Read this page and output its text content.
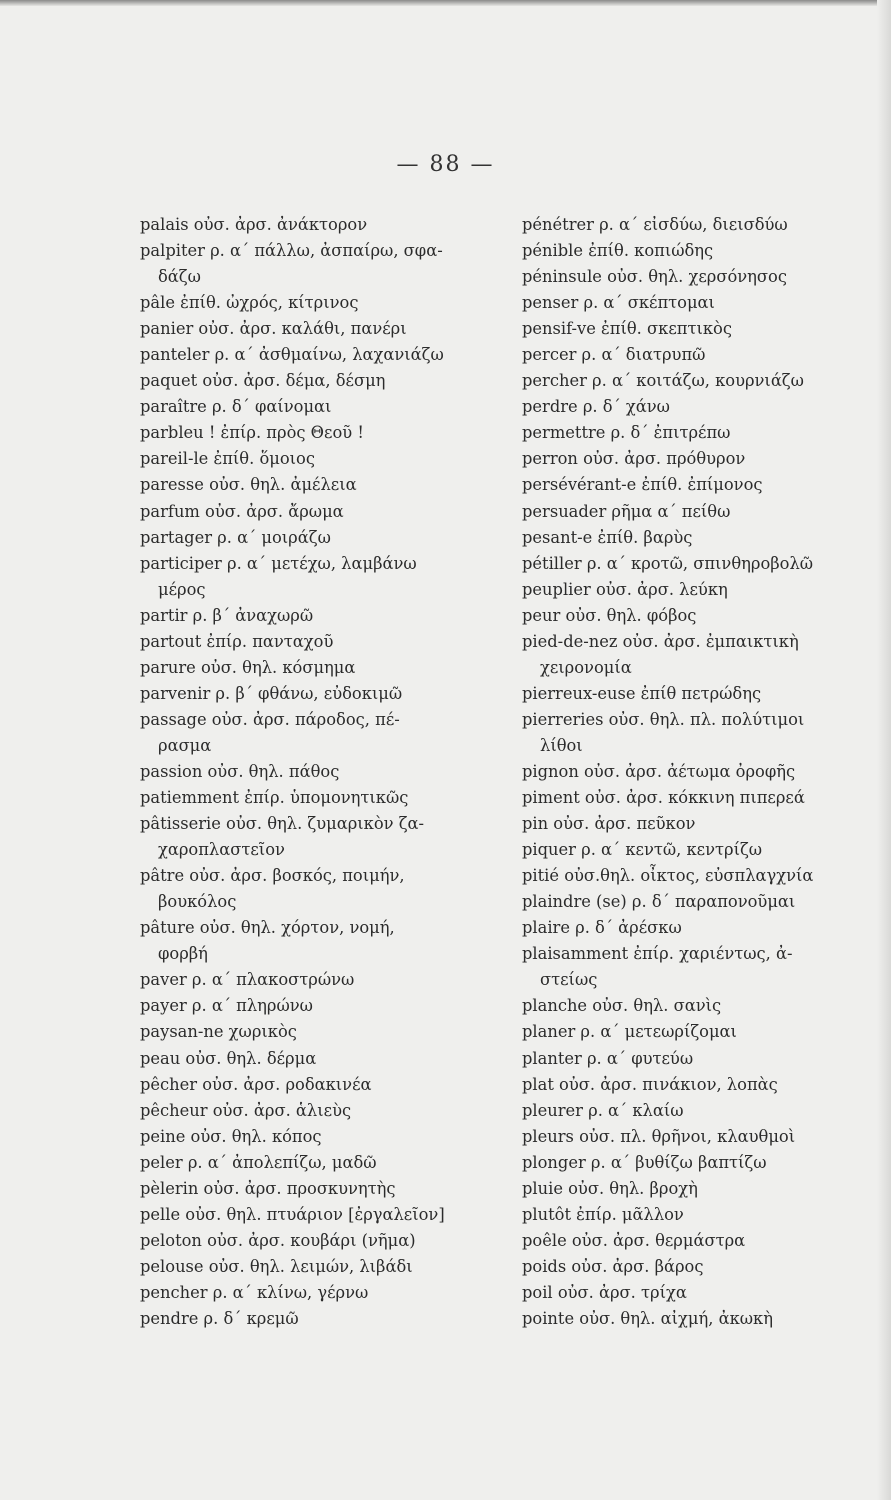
— 88 —
palais οὐσ. ἀρσ. ἀνάκτορον
palpiter ρ. α΄ πάλλω, ἀσπαίρω, σφα-
δάζω
pâle ἐπίθ. ὠχρός, κίτρινος
panier οὐσ. ἀρσ. καλάθι, πανέρι
panteler ρ. α΄ ἀσθμαίνω, λαχανιάζω
paquet οὐσ. ἀρσ. δέμα, δέσμη
paraître ρ. δ΄ φαίνομαι
parbleu ! ἐπίρ. πρὸς Θεοῦ !
pareil-le ἐπίθ. ὅμοιος
paresse οὐσ. θηλ. ἀμέλεια
parfum οὐσ. ἀρσ. ἄρωμα
partager ρ. α΄ μοιράζω
participer ρ. α΄ μετέχω, λαμβάνω
μέρος
partir ρ. β΄ ἀναχωρῶ
partout ἐπίρ. πανταχοῦ
parure οὐσ. θηλ. κόσμημα
parvenir ρ. β΄ φθάνω, εὐδοκιμῶ
passage οὐσ. ἀρσ. πάροδος, πέ-
ρασμα
passion οὐσ. θηλ. πάθος
patiemment ἐπίρ. ὑπομονητικῶς
pâtisserie οὐσ. θηλ. ζυμαρικὸν ζα-
χαροπλαστεῖον
pâtre οὐσ. ἀρσ. βοσκός, ποιμήν,
βουκόλος
pâture οὐσ. θηλ. χόρτον, νομή,
φορβή
paver ρ. α΄ πλακοστρώνω
payer ρ. α΄ πληρώνω
paysan-ne χωρικὸς
peau οὐσ. θηλ. δέρμα
pêcher οὐσ. ἀρσ. ροδακινέα
pêcheur οὐσ. ἀρσ. ἁλιεὺς
peine οὐσ. θηλ. κόπος
peler ρ. α΄ ἀπολεπίζω, μαδῶ
pèlerin οὐσ. ἀρσ. προσκυνητὴς
pelle οὐσ. θηλ. πτυάριον [ἐργαλεῖον]
peloton οὐσ. ἀρσ. κουβάρι (νῆμα)
pelouse οὐσ. θηλ. λειμών, λιβάδι
pencher ρ. α΄ κλίνω, γέρνω
pendre ρ. δ΄ κρεμῶ
pénétrer ρ. α΄ εἰσδύω, διεισδύω
pénible ἐπίθ. κοπιώδης
péninsule οὐσ. θηλ. χερσόνησος
penser ρ. α΄ σκέπτομαι
pensif-ve ἐπίθ. σκεπτικὸς
percer ρ. α΄ διατρυπῶ
percher ρ. α΄ κοιτάζω, κουρνιάζω
perdre ρ. δ΄ χάνω
permettre ρ. δ΄ ἐπιτρέπω
perron οὐσ. ἀρσ. πρόθυρον
persévérant-e ἐπίθ. ἐπίμονος
persuader ρῆμα α΄ πείθω
pesant-e ἐπίθ. βαρὺς
pétiller ρ. α΄ κροτῶ, σπινθηροβολῶ
peuplier οὐσ. ἀρσ. λεύκη
peur οὐσ. θηλ. φόβος
pied-de-nez οὐσ. ἀρσ. ἐμπαικτικὴ
χειρονομία
pierreux-euse ἐπίθ πετρώδης
pierreries οὐσ. θηλ. πλ. πολύτιμοι
λίθοι
pignon οὐσ. ἀρσ. ἀέτωμα ὀροφῆς
piment οὐσ. ἀρσ. κόκκινη πιπερεά
pin οὐσ. ἀρσ. πεῦκον
piquer ρ. α΄ κεντῶ, κεντρίζω
pitié οὐσ.θηλ. οἶκτος, εὐσπλαγχνία
plaindre (se) ρ. δ΄ παραπονοῦμαι
plaire ρ. δ΄ ἀρέσκω
plaisamment ἐπίρ. χαριέντως, ἀ-
στείως
planche οὐσ. θηλ. σανὶς
planer ρ. α΄ μετεωρίζομαι
planter ρ. α΄ φυτεύω
plat οὐσ. ἀρσ. πινάκιον, λοπὰς
pleurer ρ. α΄ κλαίω
pleurs οὐσ. πλ. θρῆνοι, κλαυθμοὶ
plonger ρ. α΄ βυθίζω βαπτίζω
pluie οὐσ. θηλ. βροχὴ
plutôt ἐπίρ. μᾶλλον
poêle οὐσ. ἀρσ. θερμάστρα
poids οὐσ. ἀρσ. βάρος
poil οὐσ. ἀρσ. τρίχα
pointe οὐσ. θηλ. αἰχμή, ἀκωκὴ
